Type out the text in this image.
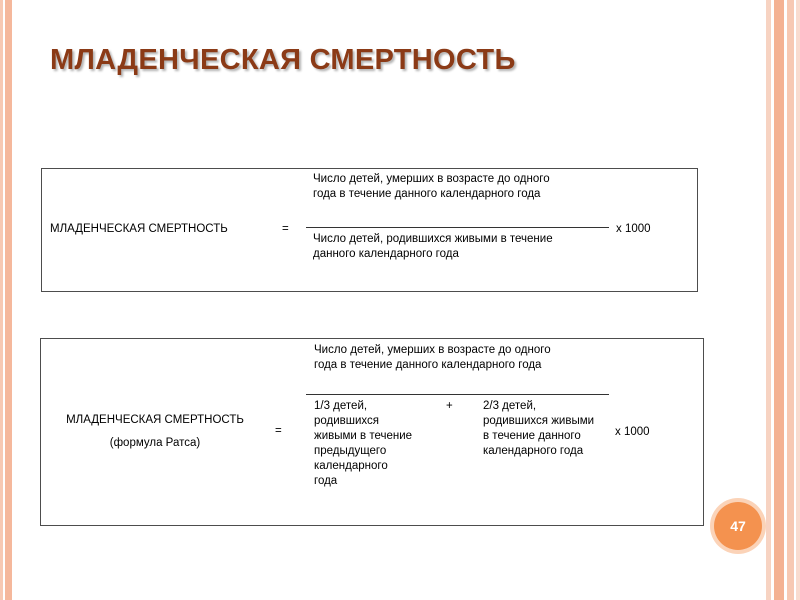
МЛАДЕНЧЕСКАЯ СМЕРТНОСТЬ
МЛАДЕНЧЕСКАЯ СМЕРТНОСТЬ	=
Число детей, умерших в возрасте до одного года в течение данного календарного года
Число детей, родившихся живыми в течение данного календарного года
х 1000
МЛАДЕНЧЕСКАЯ СМЕРТНОСТЬ
(формула Ратса)
=
Число детей, умерших в возрасте до одного года в течение данного календарного года
1/3 детей, родившихся живыми в течение предыдущего календарного года
+	2/3 детей, родившихся живыми в течение данного календарного года
х 1000
47
